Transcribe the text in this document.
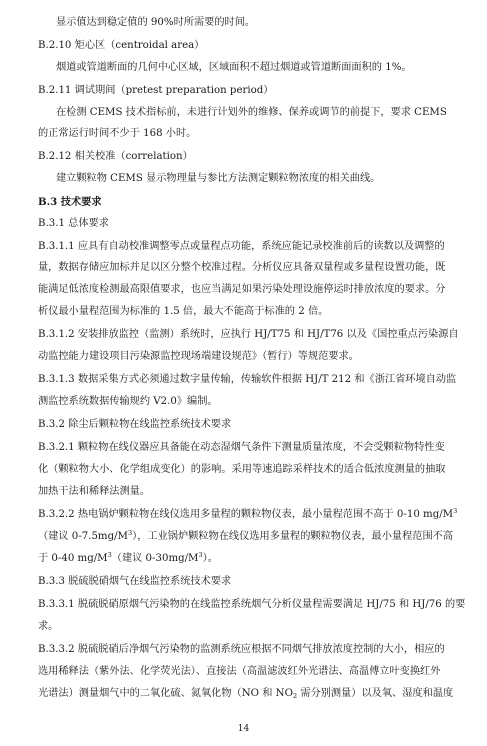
显示值达到稳定值的 90%时所需要的时间。
B.2.10 矩心区（centroidal area）
烟道或管道断面的几何中心区域，区域面积不超过烟道或管道断面面积的 1%。
B.2.11 调试期间（pretest preparation period）
在检测 CEMS 技术指标前，未进行计划外的维修、保养或调节的前提下，要求 CEMS
的正常运行时间不少于 168 小时。
B.2.12 相关校准（correlation）
建立颗粒物 CEMS 显示物理量与参比方法测定颗粒物浓度的相关曲线。
B.3 技术要求
B.3.1 总体要求
B.3.1.1 应具有自动校准调整零点或量程点功能，系统应能记录校准前后的读数以及调整的
量，数据存储应加标并足以区分整个校准过程。分析仪应具备双量程或多量程设置功能，既
能满足低浓度检测最高限值要求，也应当满足如果污染处理设施停运时排放浓度的要求。分
析仪最小量程范围为标准的 1.5 倍，最大不能高于标准的 2 倍。
B.3.1.2 安装排放监控（监测）系统时，应执行 HJ/T75 和 HJ/T76 以及《国控重点污染源自
动监控能力建设项目污染源监控现场端建设规范》（暂行）等规范要求。
B.3.1.3 数据采集方式必须通过数字量传输，传输软件根据 HJ/T 212 和《浙江省环境自动监
测监控系统数据传输规约 V2.0》编制。
B.3.2 除尘后颗粒物在线监控系统技术要求
B.3.2.1 颗粒物在线仪器应具备能在动态湿烟气条件下测量质量浓度，不会受颗粒物特性变
化（颗粒物大小、化学组成变化）的影响。采用等速追踪采样技术的适合低浓度测量的抽取
加热干法和稀释法测量。
B.3.2.2 热电锅炉颗粒物在线仪选用多量程的颗粒物仪表，最小量程范围不高于 0-10 $mg/M^3$
（建议 $0-7.5mg/M^3$），工业锅炉颗粒物在线仪选用多量程的颗粒物仪表，最小量程范围不高
于 0-40 $mg/M^3$（建议 $0-30mg/M^3$）。
B.3.3 脱硫脱硝烟气在线监控系统技术要求
B.3.3.1 脱硫脱硝原烟气污染物的在线监控系统烟气分析仪量程需要满足 HJ/75 和 HJ/76 的要
求。
B.3.3.2 脱硫脱硝后净烟气污染物的监测系统应根据不同烟气排放浓度控制的大小，相应的
选用稀释法（紫外法、化学荧光法）、直接法（高温滤波红外光谱法、高温傅立叶变换红外
光谱法）测量烟气中的二氧化硫、氮氧化物（NO 和 $NO_2$ 需分别测量）以及氧、湿度和温度
14
